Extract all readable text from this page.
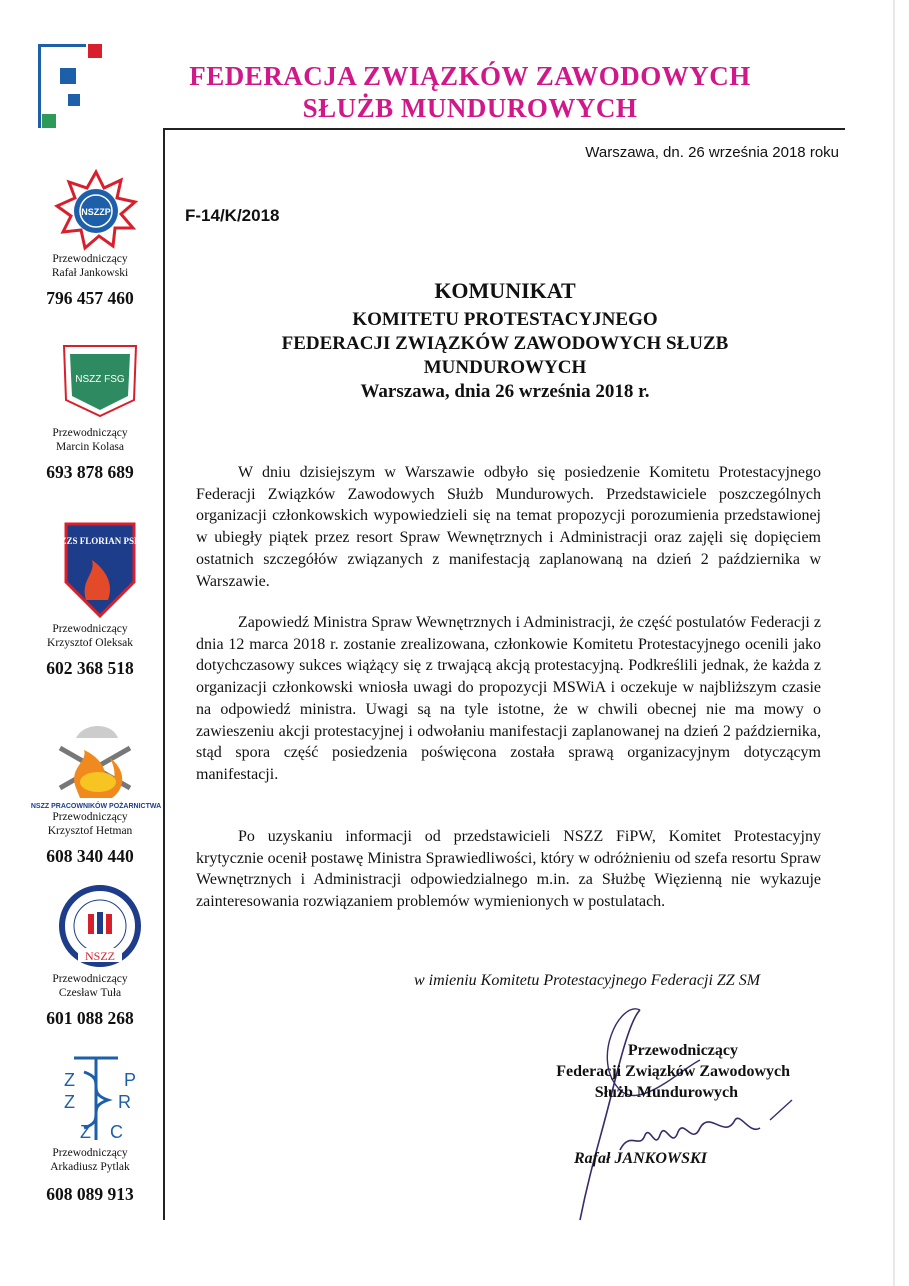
FEDERACJA ZWIĄZKÓW ZAWODOWYCH
SŁUŻB MUNDUROWYCH
Warszawa, dn. 26 września 2018 roku
F-14/K/2018
KOMUNIKAT
KOMITETU PROTESTACYJNEGO
FEDERACJI ZWIĄZKÓW ZAWODOWYCH SŁUZB
MUNDUROWYCH
Warszawa, dnia 26 września 2018 r.

W dniu dzisiejszym w Warszawie odbyło się posiedzenie Komitetu Protestacyjnego Federacji Związków Zawodowych Służb Mundurowych. Przedstawiciele poszczególnych organizacji członkowskich wypowiedzieli się na temat propozycji porozumienia przedstawionej w ubiegły piątek przez resort Spraw Wewnętrznych i Administracji oraz zajęli się dopięciem ostatnich szczegółów związanych z manifestacją zaplanowaną na dzień 2 października w Warszawie.

Zapowiedź Ministra Spraw Wewnętrznych i Administracji, że część postulatów Federacji z dnia 12 marca 2018 r. zostanie zrealizowana, członkowie Komitetu Protestacyjnego ocenili jako dotychczasowy sukces wiążący się z trwającą akcją protestacyjną. Podkreślili jednak, że każda z organizacji członkowski wniosła uwagi do propozycji MSWiA i oczekuje w najbliższym czasie na odpowiedź ministra. Uwagi są na tyle istotne, że w chwili obecnej nie ma mowy o zawieszeniu akcji protestacyjnej i odwołaniu manifestacji zaplanowanej na dzień 2 października, stąd spora część posiedzenia poświęcona została sprawą organizacyjnym dotyczącym manifestacji.

Po uzyskaniu informacji od przedstawicieli NSZZ FiPW, Komitet Protestacyjny krytycznie ocenił postawę Ministra Sprawiedliwości, który w odróżnieniu od szefa resortu Spraw Wewnętrznych i Administracji odpowiedzialnego m.in. za Służbę Więzienną nie wykazuje zainteresowania rozwiązaniem problemów wymienionych w postulatach.

w imieniu Komitetu Protestacyjnego Federacji ZZ SM
Przewodniczący
Federacji Związków Zawodowych
Służb Mundurowych
Rafał JANKOWSKI
NSZZP
Przewodniczący
Rafał Jankowski
796 457 460
NSZZ FSG
Przewodniczący
Marcin Kolasa
693 878 689
ZZS FLORIAN PSP
Przewodniczący
Krzysztof Oleksak
602 368 518
NSZZ PRACOWNIKÓW POŻARNICTWA
Przewodniczący
Krzysztof Hetman
608 340 440
NSZZ
Przewodniczący
Czesław Tuła
601 088 268
Z	P
Z R
Z C
Przewodniczący
Arkadiusz Pytlak
608 089 913
